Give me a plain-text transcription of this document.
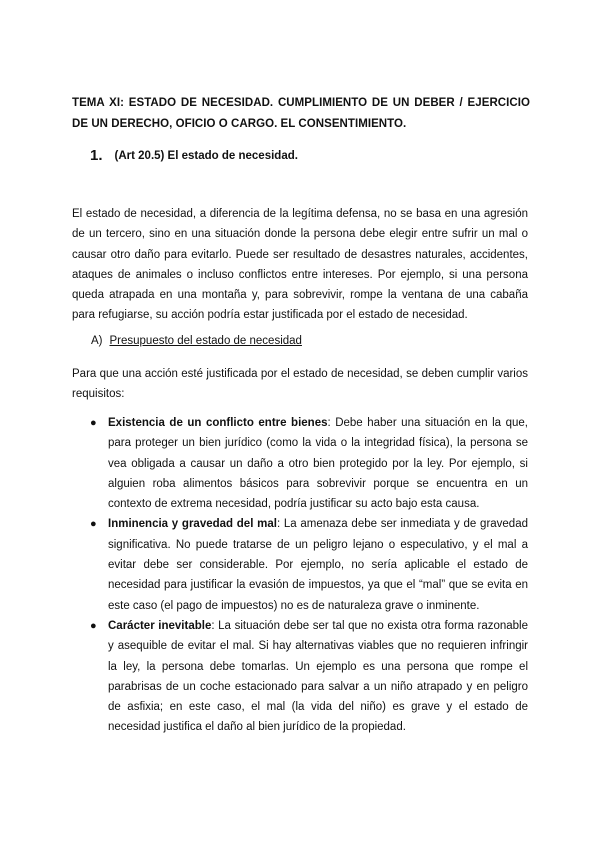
TEMA XI: ESTADO DE NECESIDAD. CUMPLIMIENTO DE UN DEBER / EJERCICIO DE UN DERECHO, OFICIO O CARGO. EL CONSENTIMIENTO.

1. (Art 20.5) El estado de necesidad.

El estado de necesidad, a diferencia de la legítima defensa, no se basa en una agresión de un tercero, sino en una situación donde la persona debe elegir entre sufrir un mal o causar otro daño para evitarlo. Puede ser resultado de desastres naturales, accidentes, ataques de animales o incluso conflictos entre intereses. Por ejemplo, si una persona queda atrapada en una montaña y, para sobrevivir, rompe la ventana de una cabaña para refugiarse, su acción podría estar justificada por el estado de necesidad.

A) Presupuesto del estado de necesidad

Para que una acción esté justificada por el estado de necesidad, se deben cumplir varios requisitos:

● Existencia de un conflicto entre bienes: Debe haber una situación en la que, para proteger un bien jurídico (como la vida o la integridad física), la persona se vea obligada a causar un daño a otro bien protegido por la ley. Por ejemplo, si alguien roba alimentos básicos para sobrevivir porque se encuentra en un contexto de extrema necesidad, podría justificar su acto bajo esta causa.
● Inminencia y gravedad del mal: La amenaza debe ser inmediata y de gravedad significativa. No puede tratarse de un peligro lejano o especulativo, y el mal a evitar debe ser considerable. Por ejemplo, no sería aplicable el estado de necesidad para justificar la evasión de impuestos, ya que el “mal” que se evita en este caso (el pago de impuestos) no es de naturaleza grave o inminente.
● Carácter inevitable: La situación debe ser tal que no exista otra forma razonable y asequible de evitar el mal. Si hay alternativas viables que no requieren infringir la ley, la persona debe tomarlas. Un ejemplo es una persona que rompe el parabrisas de un coche estacionado para salvar a un niño atrapado y en peligro de asfixia; en este caso, el mal (la vida del niño) es grave y el estado de necesidad justifica el daño al bien jurídico de la propiedad.
